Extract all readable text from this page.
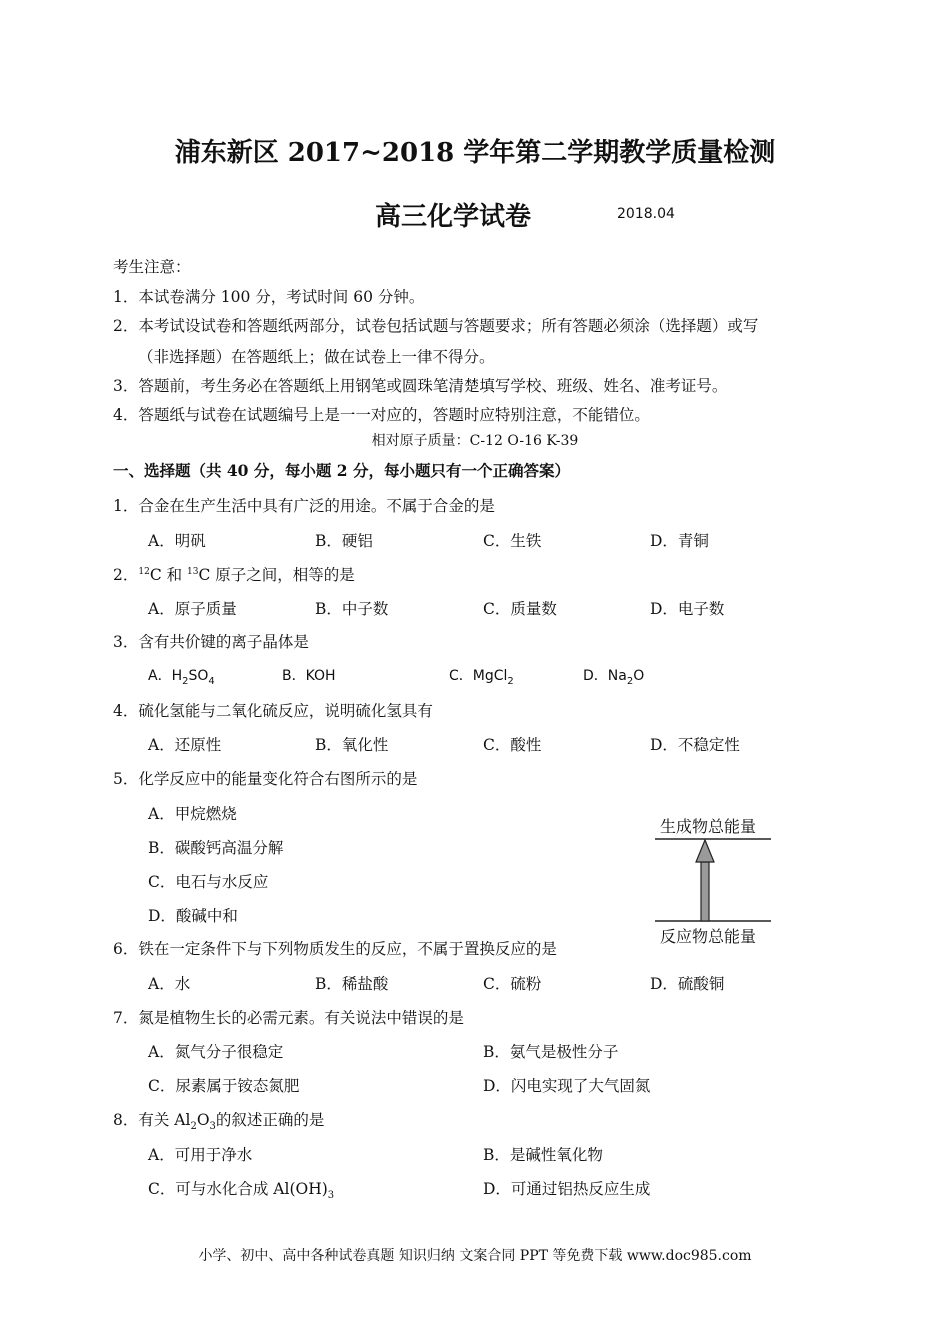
浦东新区 2017~2018 学年第二学期教学质量检测
高三化学试卷	2018.04
考生注意：
1．本试卷满分 100 分，考试时间 60 分钟。
2．本考试设试卷和答题纸两部分，试卷包括试题与答题要求；所有答题必须涂（选择题）或写
（非选择题）在答题纸上；做在试卷上一律不得分。
3．答题前，考生务必在答题纸上用钢笔或圆珠笔清楚填写学校、班级、姓名、准考证号。
4．答题纸与试卷在试题编号上是一一对应的，答题时应特别注意，不能错位。
相对原子质量：C-12 O-16 K-39
一、选择题（共 40 分，每小题 2 分，每小题只有一个正确答案）
1．合金在生产生活中具有广泛的用途。不属于合金的是
A．明矾	B．硬铝	C．生铁	D．青铜
2．$^{12}$C 和 $^{13}$C 原子之间，相等的是
A．原子质量	B．中子数	C．质量数	D．电子数
3．含有共价键的离子晶体是
A．$H_2SO_4$	B．KOH	C．MgCl$_2$	D．$Na_2O$
4．硫化氢能与二氧化硫反应，说明硫化氢具有
A．还原性	B．氧化性	C．酸性	D．不稳定性
5．化学反应中的能量变化符合右图所示的是
A．甲烷燃烧
B．碳酸钙高温分解
C．电石与水反应
D．酸碱中和
生成物总能量
反应物总能量
6．铁在一定条件下与下列物质发生的反应，不属于置换反应的是
A．水	B．稀盐酸	C．硫粉	D．硫酸铜
7．氮是植物生长的必需元素。有关说法中错误的是
A．氮气分子很稳定	B．氨气是极性分子
C．尿素属于铵态氮肥	D．闪电实现了大气固氮
8．有关 $Al_2O_3$的叙述正确的是
A．可用于净水	B．是碱性氧化物
C．可与水化合成 $Al(OH)_3$	D．可通过铝热反应生成
小学、初中、高中各种试卷真题 知识归纳 文案合同 PPT 等免费下载 www.doc985.com
